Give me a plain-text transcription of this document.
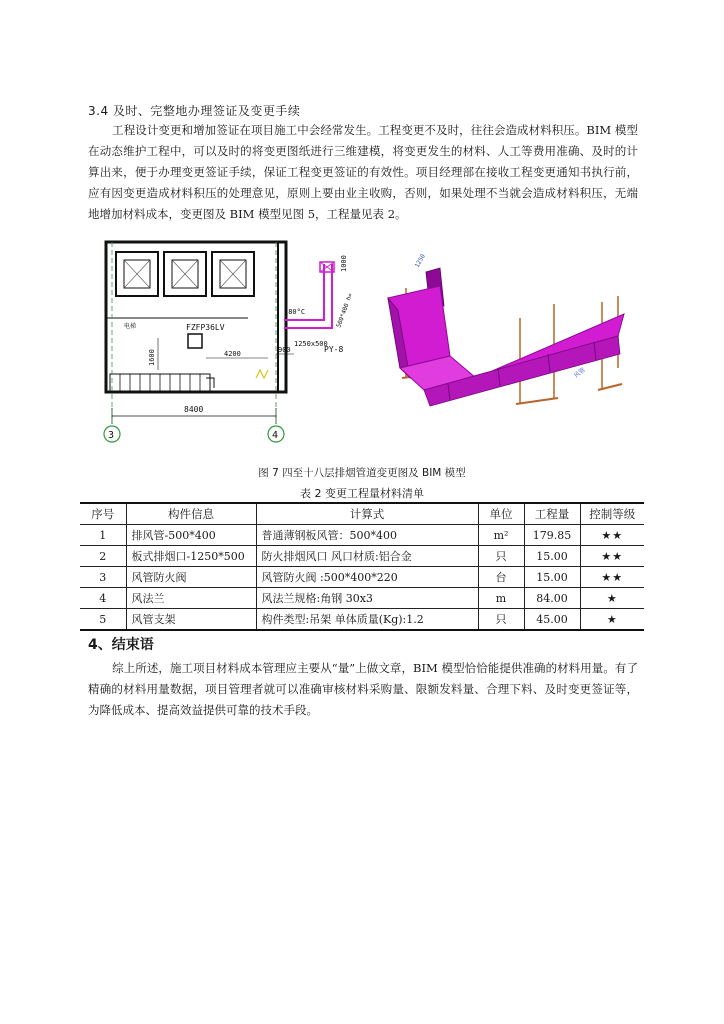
3.4 及时、完整地办理签证及变更手续
工程设计变更和增加签证在项目施工中会经常发生。工程变更不及时，往往会造成材料积压。BIM 模型在动态维护工程中，可以及时的将变更图纸进行三维建模，将变更发生的材料、人工等费用准确、及时的计算出来，便于办理变更签证手续，保证工程变更签证的有效性。项目经理部在接收工程变更通知书执行前，应有因变更造成材料积压的处理意见，原则上要由业主收购，否则，如果处理不当就会造成材料积压，无端地增加材料成本，变更图及 BIM 模型见图 5，工程量见表 2。
FZFP36LV
电梯
280°C
1250x500
PY-8
1000
500*400 h=
4200	900
1600
8400
3	4
风管
1250
图 7 四至十八层排烟管道变更图及 BIM 模型
表 2 变更工程量材料清单
序号	构件信息	计算式	单位	工程量	控制等级
1	排风管-500*400	普通薄钢板风管：500*400	m²	179.85	★★
2	板式排烟口-1250*500	防火排烟风口 风口材质:铝合金	只	15.00	★★
3	风管防火阀	风管防火阀 :500*400*220	台	15.00	★★
4	风法兰	风法兰规格:角钢 30x3	m	84.00	★
5	风管支架	构件类型:吊架 单体质量(Kg):1.2	只	45.00	★
4、结束语
综上所述，施工项目材料成本管理应主要从“量”上做文章，BIM 模型恰恰能提供准确的材料用量。有了精确的材料用量数据，项目管理者就可以准确审核材料采购量、限额发料量、合理下料、及时变更签证等，为降低成本、提高效益提供可靠的技术手段。
